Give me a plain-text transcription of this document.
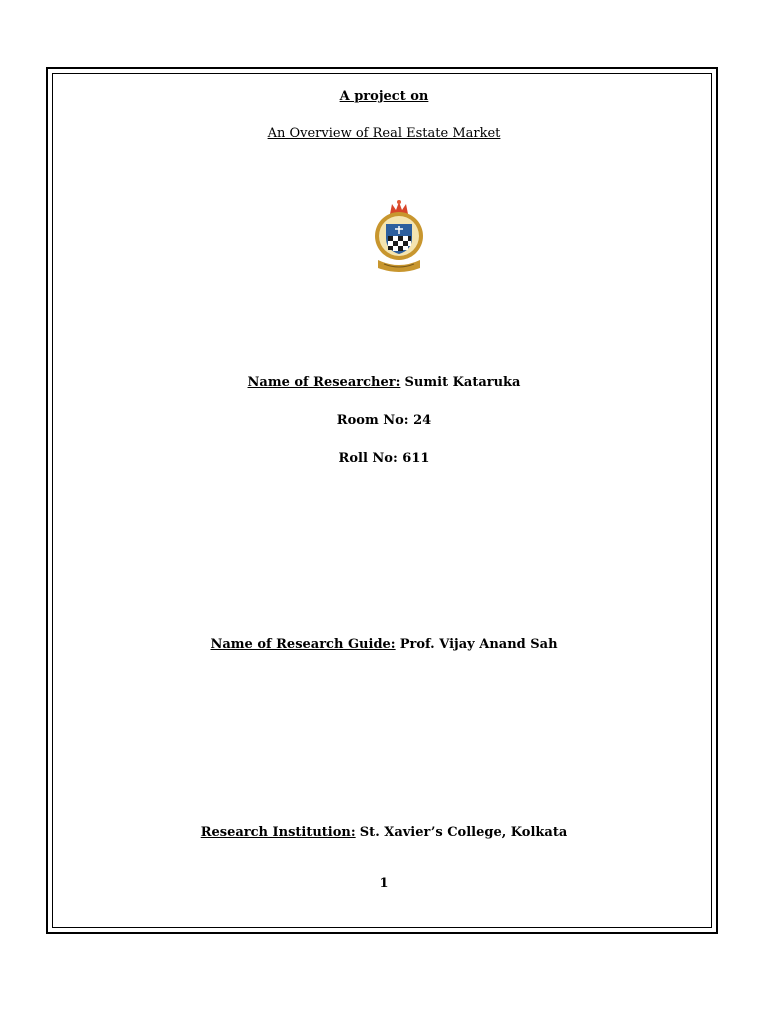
A project on
An Overview of Real Estate Market
Name of Researcher: Sumit Kataruka
Room No: 24
Roll No: 611
Name of Research Guide: Prof. Vijay Anand Sah
Research Institution: St. Xavier’s College, Kolkata
1
